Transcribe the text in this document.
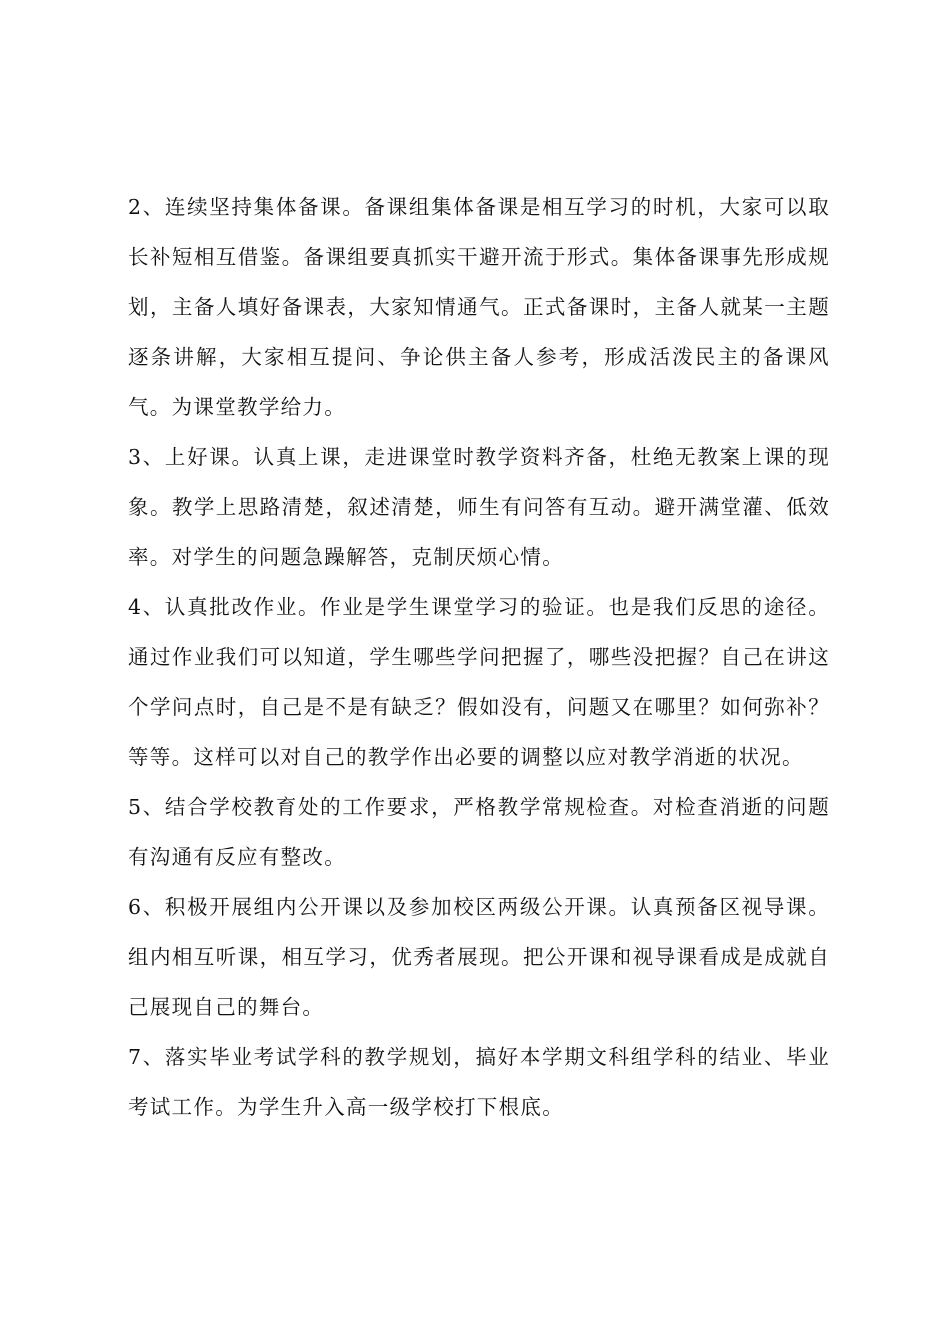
2、连续坚持集体备课。备课组集体备课是相互学习的时机，大家可以取长补短相互借鉴。备课组要真抓实干避开流于形式。集体备课事先形成规划，主备人填好备课表，大家知情通气。正式备课时，主备人就某一主题逐条讲解，大家相互提问、争论供主备人参考，形成活泼民主的备课风气。为课堂教学给力。

3、上好课。认真上课，走进课堂时教学资料齐备，杜绝无教案上课的现象。教学上思路清楚，叙述清楚，师生有问答有互动。避开满堂灌、低效率。对学生的问题急躁解答，克制厌烦心情。

4、认真批改作业。作业是学生课堂学习的验证。也是我们反思的途径。通过作业我们可以知道，学生哪些学问把握了，哪些没把握？自己在讲这个学问点时，自己是不是有缺乏？假如没有，问题又在哪里？如何弥补？等等。这样可以对自己的教学作出必要的调整以应对教学消逝的状况。

5、结合学校教育处的工作要求，严格教学常规检查。对检查消逝的问题有沟通有反应有整改。

6、积极开展组内公开课以及参加校区两级公开课。认真预备区视导课。组内相互听课，相互学习，优秀者展现。把公开课和视导课看成是成就自己展现自己的舞台。

7、落实毕业考试学科的教学规划，搞好本学期文科组学科的结业、毕业考试工作。为学生升入高一级学校打下根底。
